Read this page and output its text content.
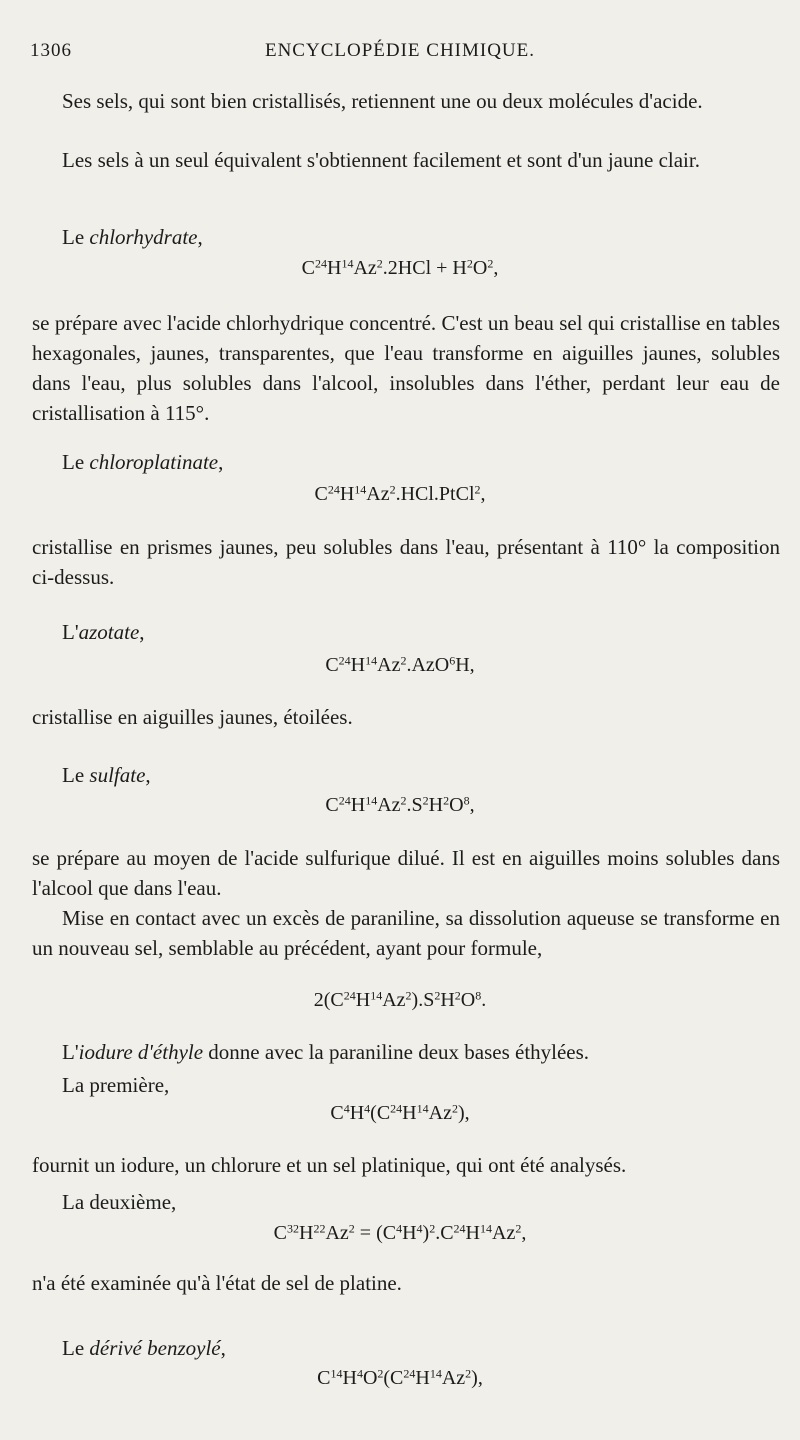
1306	ENCYCLOPÉDIE CHIMIQUE.
Ses sels, qui sont bien cristallisés, retiennent une ou deux molécules d'acide.
Les sels à un seul équivalent s'obtiennent facilement et sont d'un jaune clair.
Le chlorhydrate,
$C^{24}H^{14}Az^2.2HCl + H^2O^2$,
se prépare avec l'acide chlorhydrique concentré. C'est un beau sel qui cristallise en tables hexagonales, jaunes, transparentes, que l'eau transforme en aiguilles jaunes, solubles dans l'eau, plus solubles dans l'alcool, insolubles dans l'éther, perdant leur eau de cristallisation à 115°.
Le chloroplatinate,
$C^{24}H^{14}Az^2.HCl.PtCl^2$,
cristallise en prismes jaunes, peu solubles dans l'eau, présentant à 110° la composition ci-dessus.
L'azotate,
$C^{24}H^{14}Az^2.AzO^6H$,
cristallise en aiguilles jaunes, étoilées.
Le sulfate,
$C^{24}H^{14}Az^2.S^2H^2O^8$,
se prépare au moyen de l'acide sulfurique dilué. Il est en aiguilles moins solubles dans l'alcool que dans l'eau.
Mise en contact avec un excès de paraniline, sa dissolution aqueuse se transforme en un nouveau sel, semblable au précédent, ayant pour formule,
$2(C^{24}H^{14}Az^2).S^2H^2O^8$.
L'iodure d'éthyle donne avec la paraniline deux bases éthylées.
La première,
$C^4H^4(C^{24}H^{14}Az^2)$,
fournit un iodure, un chlorure et un sel platinique, qui ont été analysés.
La deuxième,
$C^{32}H^{22}Az^2 = (C^4H^4)^2.C^{24}H^{14}Az^2$,
n'a été examinée qu'à l'état de sel de platine.
Le dérivé benzoylé,
$C^{14}H^4O^2(C^{24}H^{14}Az^2)$,
